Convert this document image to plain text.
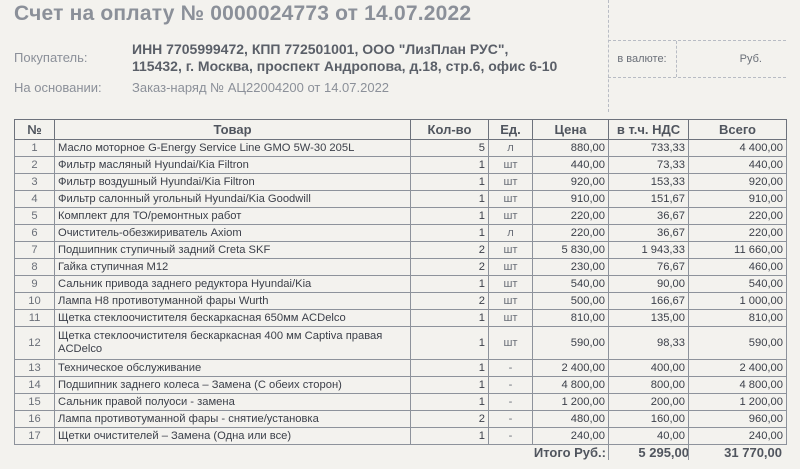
в валюте:	Руб.
Счет на оплату № 0000024773 от 14.07.2022
Покупатель:
ИНН 7705999472, КПП 772501001, ООО "ЛизПлан РУС",
115432, г. Москва, проспект Андропова, д.18, стр.6, офис 6-10
На основании: Заказ-наряд № АЦ22004200 от 14.07.2022
№	Товар	Кол-во	Ед.	Цена	в т.ч. НДС	Всего
1	Масло моторное G-Energy Service Line GMO 5W-30 205L	5	л	880,00	733,33	4 400,00
2	Фильтр масляный Hyundai/Kia Filtron	1	шт	440,00	73,33	440,00
3	Фильтр воздушный Hyundai/Kia Filtron	1	шт	920,00	153,33	920,00
4	Фильтр салонный угольный Hyundai/Kia Goodwill	1	шт	910,00	151,67	910,00
5	Комплект для ТО/ремонтных работ	1	шт	220,00	36,67	220,00
6	Очиститель-обезжириватель Axiom	1	л	220,00	36,67	220,00
7	Подшипник ступичный задний Creta SKF	2	шт	5 830,00	1 943,33	11 660,00
8	Гайка ступичная М12	2	шт	230,00	76,67	460,00
9	Сальник привода заднего редуктора Hyundai/Kia	1	шт	540,00	90,00	540,00
10	Лампа Н8 противотуманной фары Wurth	2	шт	500,00	166,67	1 000,00
11	Щетка стеклоочистителя бескаркасная 650мм ACDelco	1	шт	810,00	135,00	810,00
12	Щетка стеклоочистителя бескаркасная 400 мм Captiva правая ACDelco	1	шт	590,00	98,33	590,00
13	Техническое обслуживание	1	-	2 400,00	400,00	2 400,00
14	Подшипник заднего колеса – Замена (С обеих сторон)	1	-	4 800,00	800,00	4 800,00
15	Сальник правой полуоси - замена	1	-	1 200,00	200,00	1 200,00
16	Лампа противотуманной фары - снятие/установка	2	-	480,00	160,00	960,00
17	Щетки очистителей – Замена (Одна или все)	1	-	240,00	40,00	240,00
Итого Руб.:	5 295,00	31 770,00
